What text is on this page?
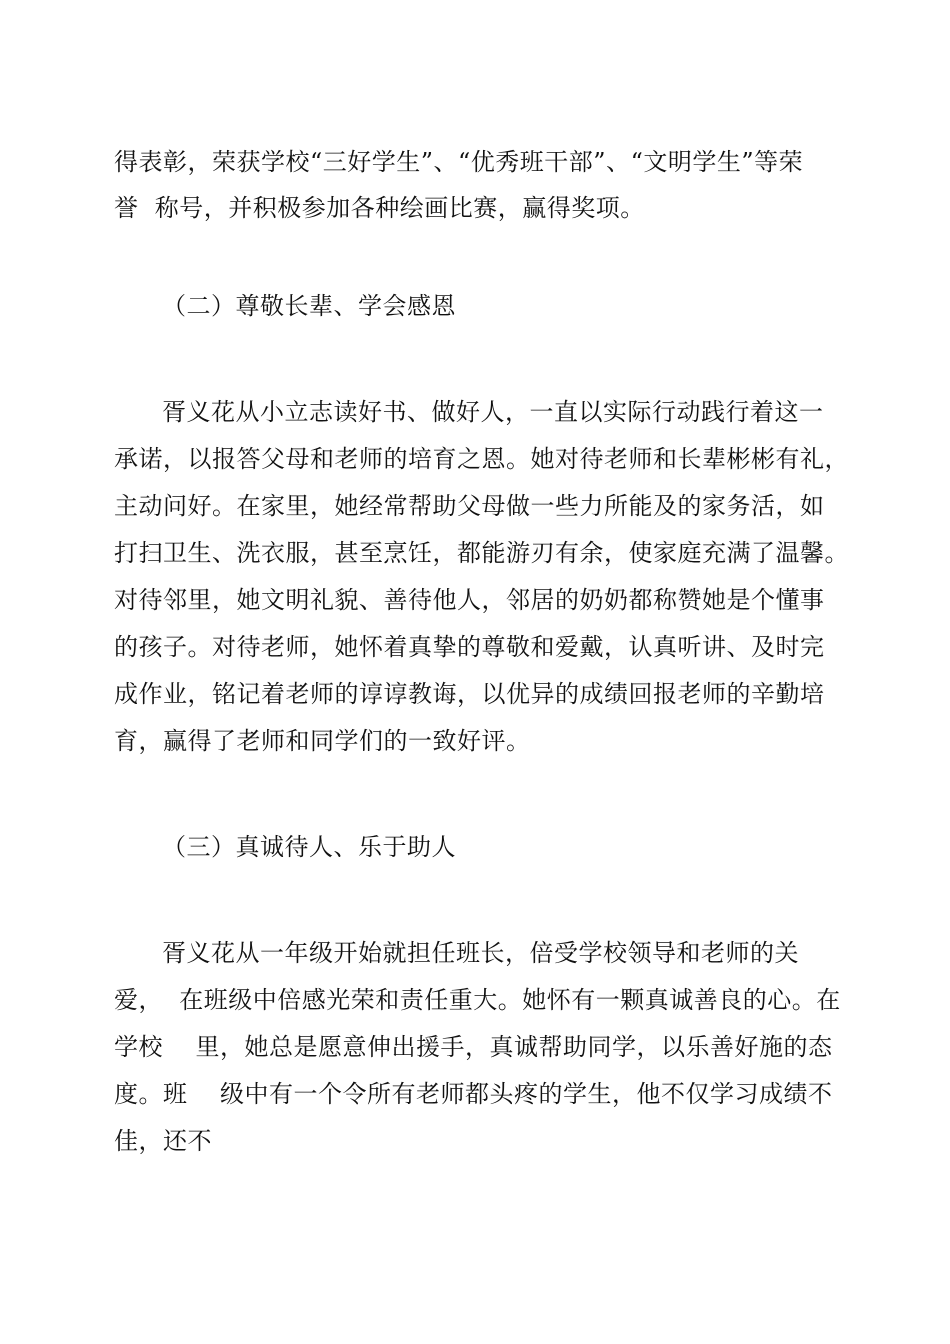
得表彰，荣获学校“三好学生”、“优秀班干部”、“文明学生”等荣
誉  称号，并积极参加各种绘画比赛，赢得奖项。
（二）尊敬长辈、学会感恩
胥义花从小立志读好书、做好人，一直以实际行动践行着这一
承诺，以报答父母和老师的培育之恩。她对待老师和长辈彬彬有礼，
主动问好。在家里，她经常帮助父母做一些力所能及的家务活，如
打扫卫生、洗衣服，甚至烹饪，都能游刃有余，使家庭充满了温馨。
对待邻里，她文明礼貌、善待他人，邻居的奶奶都称赞她是个懂事
的孩子。对待老师，她怀着真挚的尊敬和爱戴，认真听讲、及时完
成作业，铭记着老师的谆谆教诲，以优异的成绩回报老师的辛勤培
育，赢得了老师和同学们的一致好评。
（三）真诚待人、乐于助人
胥义花从一年级开始就担任班长，倍受学校领导和老师的关
爱，  在班级中倍感光荣和责任重大。她怀有一颗真诚善良的心。在
学校    里，她总是愿意伸出援手，真诚帮助同学，以乐善好施的态
度。班    级中有一个令所有老师都头疼的学生，他不仅学习成绩不
佳，还不
